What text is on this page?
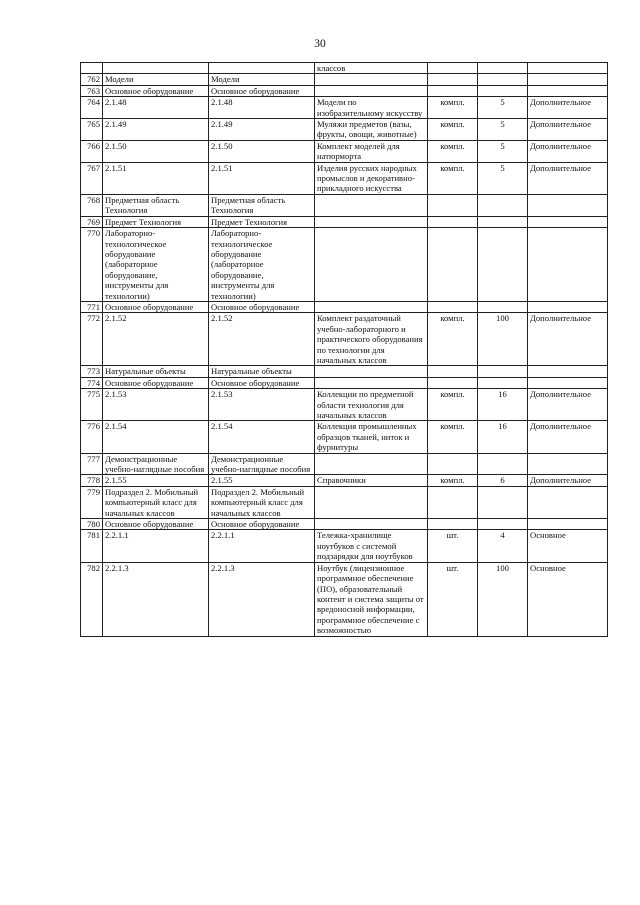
30
			классов			
762	Модели	Модели				
763	Основное оборудование	Основное оборудование				
764	2.1.48	2.1.48	Модели по изобразительному искусству	компл.	5	Дополнительное
765	2.1.49	2.1.49	Муляжи предметов (вазы, фрукты, овощи, животные)	компл.	5	Дополнительное
766	2.1.50	2.1.50	Комплект моделей для натюрморта	компл.	5	Дополнительное
767	2.1.51	2.1.51	Изделия русских народных промыслов и декоративно-прикладного искусства	компл.	5	Дополнительное
768	Предметная область Технология	Предметная область Технология				
769	Предмет Технология	Предмет Технология				
770	Лабораторно-технологическое оборудование (лабораторное оборудование, инструменты для технологии)	Лабораторно-технологическое оборудование (лабораторное оборудование, инструменты для технологии)				
771	Основное оборудование	Основное оборудование				
772	2.1.52	2.1.52	Комплект раздаточный учебно-лабораторного и практического оборудования по технологии для начальных классов	компл.	100	Дополнительное
773	Натуральные объекты	Натуральные объекты				
774	Основное оборудование	Основное оборудование				
775	2.1.53	2.1.53	Коллекции по предметной области технология для начальных классов	компл.	16	Дополнительное
776	2.1.54	2.1.54	Коллекция промышленных образцов тканей, ниток и фурнитуры	компл.	16	Дополнительное
777	Демонстрационные учебно-наглядные пособия	Демонстрационные учебно-наглядные пособия				
778	2.1.55	2.1.55	Справочники	компл.	6	Дополнительное
779	Подраздел 2. Мобильный компьютерный класс для начальных классов	Подраздел 2. Мобильный компьютерный класс для начальных классов				
780	Основное оборудование	Основное оборудование				
781	2.2.1.1	2.2.1.1	Тележка-хранилище ноутбуков с системой подзарядки для ноутбуков	шт.	4	Основное
782	2.2.1.3	2.2.1.3	Ноутбук (лицензионное программное обеспечение (ПО), образовательный контент и система защиты от вредоносной информации, программное обеспечение с возможностью	шт.	100	Основное
